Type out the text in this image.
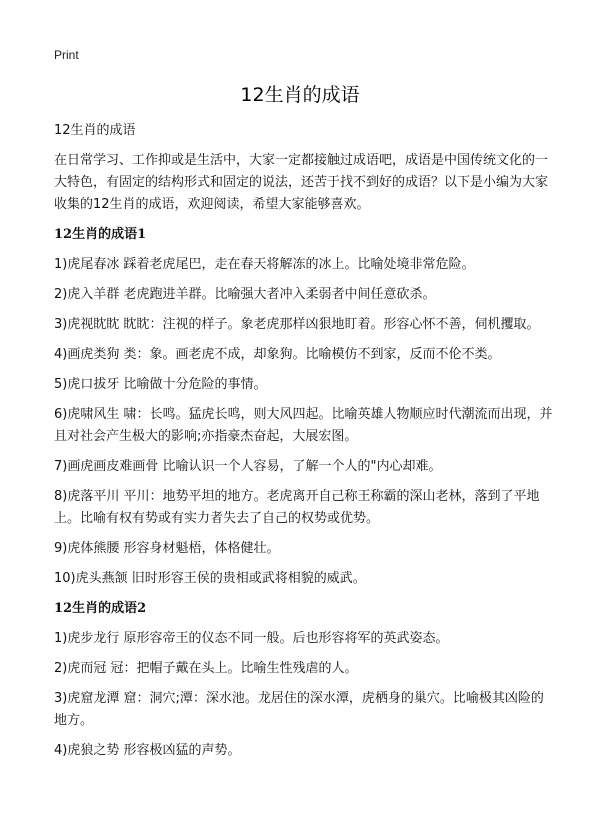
Print
12生肖的成语

12生肖的成语

在日常学习、工作抑或是生活中，大家一定都接触过成语吧，成语是中国传统文化的一大特色，有固定的结构形式和固定的说法，还苦于找不到好的成语？以下是小编为大家收集的12生肖的成语，欢迎阅读，希望大家能够喜欢。

12生肖的成语1

1)虎尾春冰 踩着老虎尾巴，走在春天将解冻的冰上。比喻处境非常危险。

2)虎入羊群 老虎跑进羊群。比喻强大者冲入柔弱者中间任意砍杀。

3)虎视眈眈 眈眈：注视的样子。象老虎那样凶狠地盯着。形容心怀不善，伺机攫取。

4)画虎类狗 类：象。画老虎不成，却象狗。比喻模仿不到家，反而不伦不类。

5)虎口拔牙 比喻做十分危险的事情。

6)虎啸风生 啸：长鸣。猛虎长鸣，则大风四起。比喻英雄人物顺应时代潮流而出现，并且对社会产生极大的影响;亦指豪杰奋起，大展宏图。

7)画虎画皮难画骨 比喻认识一个人容易，了解一个人的"内心却难。

8)虎落平川 平川：地势平坦的地方。老虎离开自己称王称霸的深山老林，落到了平地上。比喻有权有势或有实力者失去了自己的权势或优势。

9)虎体熊腰 形容身材魁梧，体格健壮。

10)虎头燕颔 旧时形容王侯的贵相或武将相貌的威武。

12生肖的成语2

1)虎步龙行 原形容帝王的仪态不同一般。后也形容将军的英武姿态。

2)虎而冠 冠：把帽子戴在头上。比喻生性残虐的人。

3)虎窟龙潭 窟：洞穴;潭：深水池。龙居住的深水潭，虎栖身的巢穴。比喻极其凶险的地方。

4)虎狼之势 形容极凶猛的声势。
